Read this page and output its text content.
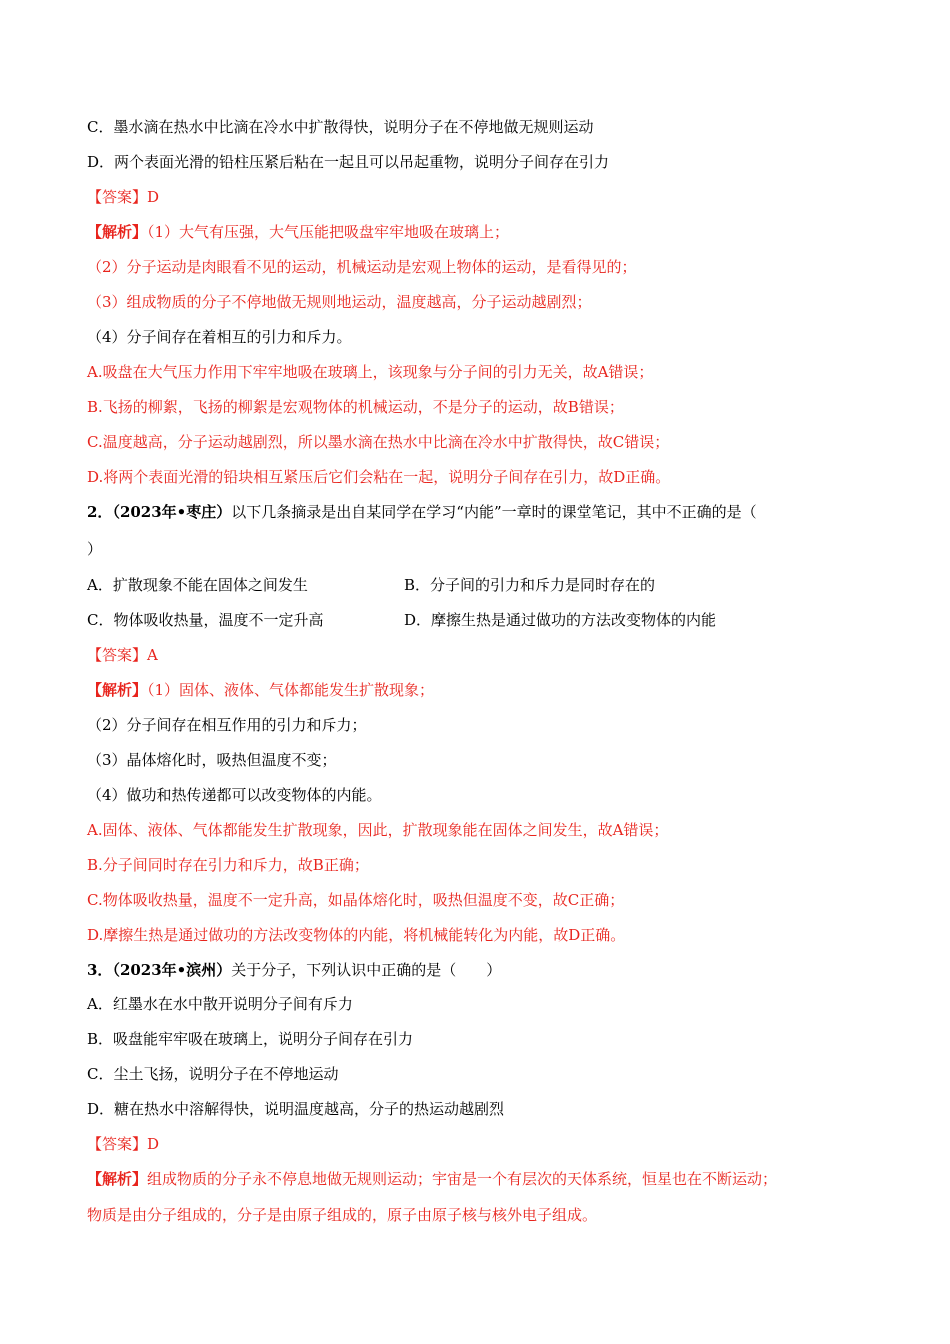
C．墨水滴在热水中比滴在冷水中扩散得快，说明分子在不停地做无规则运动
D．两个表面光滑的铅柱压紧后粘在一起且可以吊起重物，说明分子间存在引力
【答案】D
【解析】（1）大气有压强，大气压能把吸盘牢牢地吸在玻璃上；
（2）分子运动是肉眼看不见的运动，机械运动是宏观上物体的运动，是看得见的；
（3）组成物质的分子不停地做无规则地运动，温度越高，分子运动越剧烈；
（4）分子间存在着相互的引力和斥力。
A.吸盘在大气压力作用下牢牢地吸在玻璃上，该现象与分子间的引力无关，故A错误；
B.飞扬的柳絮，飞扬的柳絮是宏观物体的机械运动，不是分子的运动，故B错误；
C.温度越高，分子运动越剧烈，所以墨水滴在热水中比滴在冷水中扩散得快，故C错误；
D.将两个表面光滑的铅块相互紧压后它们会粘在一起，说明分子间存在引力，故D正确。
2．（2023年•枣庄）以下几条摘录是出自某同学在学习“内能”一章时的课堂笔记，其中不正确的是（
）
A．扩散现象不能在固体之间发生	B．分子间的引力和斥力是同时存在的
C．物体吸收热量，温度不一定升高	D．摩擦生热是通过做功的方法改变物体的内能
【答案】A
【解析】（1）固体、液体、气体都能发生扩散现象；
（2）分子间存在相互作用的引力和斥力；
（3）晶体熔化时，吸热但温度不变；
（4）做功和热传递都可以改变物体的内能。
A.固体、液体、气体都能发生扩散现象，因此，扩散现象能在固体之间发生，故A错误；
B.分子间同时存在引力和斥力，故B正确；
C.物体吸收热量，温度不一定升高，如晶体熔化时，吸热但温度不变，故C正确；
D.摩擦生热是通过做功的方法改变物体的内能，将机械能转化为内能，故D正确。
3．（2023年•滨州）关于分子，下列认识中正确的是（　　）
A．红墨水在水中散开说明分子间有斥力
B．吸盘能牢牢吸在玻璃上，说明分子间存在引力
C．尘土飞扬，说明分子在不停地运动
D．糖在热水中溶解得快，说明温度越高，分子的热运动越剧烈
【答案】D
【解析】组成物质的分子永不停息地做无规则运动；宇宙是一个有层次的天体系统，恒星也在不断运动；
物质是由分子组成的，分子是由原子组成的，原子由原子核与核外电子组成。
